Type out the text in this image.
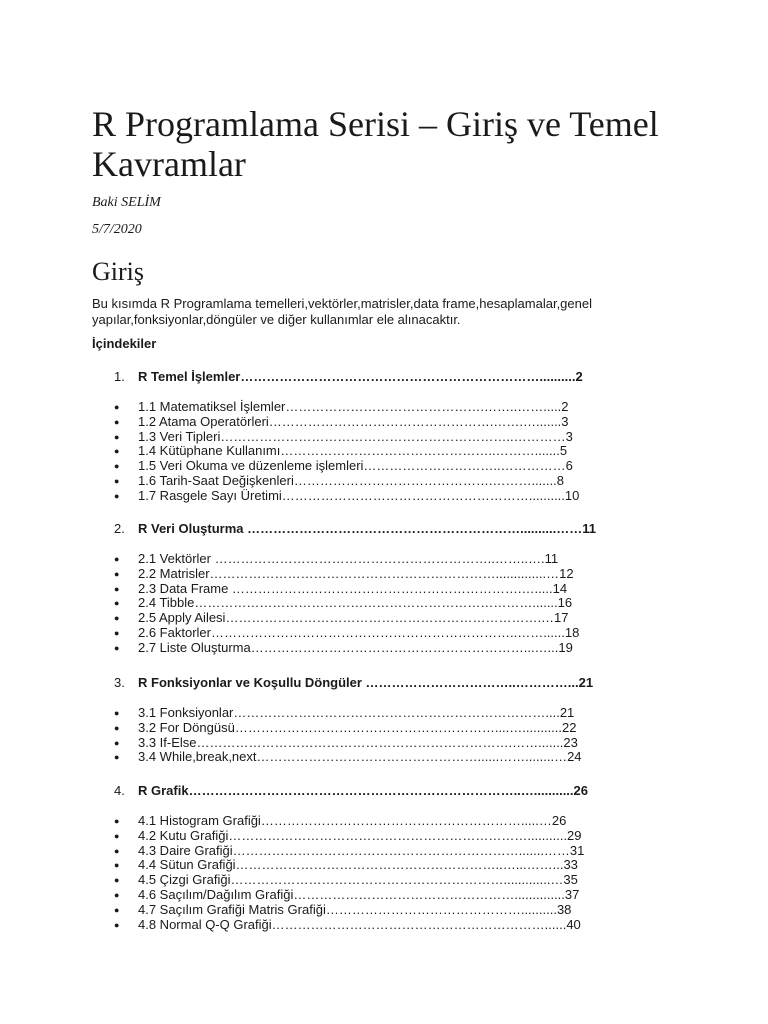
R Programlama Serisi – Giriş ve Temel Kavramlar
Baki SELİM
5/7/2020
Giriş

Bu kısımda R Programlama temelleri,vektörler,matrisler,data frame,hesaplamalar,genel yapılar,fonksiyonlar,döngüler ve diğer kullanımlar ele alınacaktır.

İçindekiler
1. R Temel İşlemler……………………………………………………………..........2
● 1.1 Matematiksel İşlemler……………………………………….……..…….....2
● 1.2 Atama Operatörleri…………………………………………….…….….......3
● 1.3 Veri Tipleri…………………………………………………………..…………3
● 1.4 Kütüphane Kullanımı…………………………………………..……….......5
● 1.5 Veri Okuma ve düzenleme işlemleri…………………………..……………6
● 1.6 Tarih-Saat Değişkenleri……………………………………….……….......8
● 1.7 Rasgele Sayı Üretimi…………………………………………………..........10
2. R Veri Oluşturma ………………………………………………………..........……11
● 2.1 Vektörler ………………………………………………………..……..….11
● 2.2 Matrisler…………………………………………………………..............…12
● 2.3 Data Frame ………………………………………………………….….....14
● 2.4 Tibble…………………………………………………………………….......16
● 2.5 Apply Ailesi……………………………………………………………….…17
● 2.6 Faktorler……………………………………………………………..……......18
● 2.7 Liste Oluşturma………………………………………………………...…...19
3. R Fonksiyonlar ve Koşullu Döngüler ……………………………..…………...21
● 3.1 Fonksiyonlar………………………………………………………………....21
● 3.2 For Döngüsü……………………………………………………....…...........22
● 3.3 If-Else……………………………………………………………….…….......23
● 3.4 While,break,next……………………………………………......……........…24
4. R Grafik…………………………………………………………………..…...........26
● 4.1 Histogram Grafiği…………………………………………………….....…26
● 4.2 Kutu Grafiği……………………………………………………………...........29
● 4.3 Daire Grafiği………………………………………………………….......……31
● 4.4 Sütun Grafiği……………………………………………………..…...……...33
● 4.5 Çizgi Grafiği……………………………………………………….............…35
● 4.6 Saçılım/Dağılım Grafiği……………………………………………..............37
● 4.7 Saçılım Grafiği Matris Grafiği………………………………………..........38
● 4.8 Normal Q-Q Grafiği………………………………………………………......40
